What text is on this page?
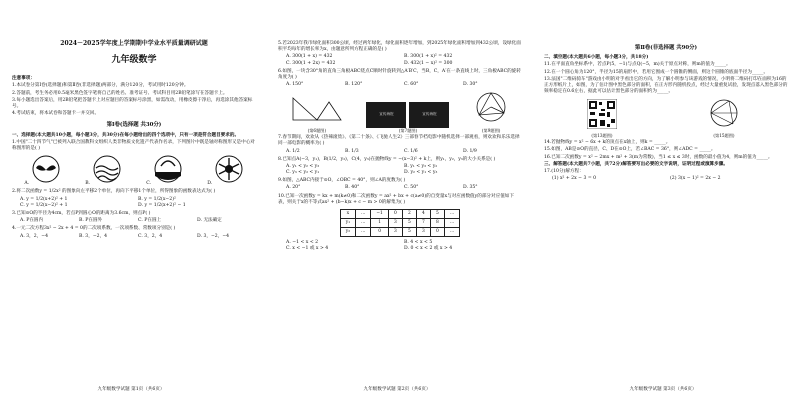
2024－2025学年度上学期期中学业水平质量调研试题
九年级数学
注意事项：
1.本试卷分第Ⅰ卷(选择题)和第Ⅱ卷(非选择题)两部分，满分120分，考试用时120分钟。
2.答题前，考生务必用0.5毫米黑色签字笔将自己的姓名、准考证号、考试科目用2B铅笔涂写在答题卡上。
3.每小题选出答案后，用2B铅笔把答题卡上对应题目的答案标号涂黑，如需改动，用橡皮擦干净后，再选涂其他答案标号。
4.考试结束，将本试卷和答题卡一并交回。
第Ⅰ卷(选择题 共30分)
一、选择题(本大题共10小题，每小题3分，共30分)在每小题给出的四个选项中，只有一项是符合题目要求的。
1.中国"二十四节气"已被列入联合国教科文组织人类非物质文化遗产代表作名录，下列图片中既是轴对称图形又是中心对称图形的是( )
A.	B.	C.	D.
2.将二次函数y = 1/2x² 的图象向左平移2个单位，再向下平移1个单位，所得图象的函数表达式为( )
A. y = 1/2(x+2)² + 1	B. y = 1/2(x−2)²
C. y = 1/2(x−2)² + 1	D. y = 1/2(x+2)² − 1
3.已知⊙O的半径为4cm，若点P到圆心O的距离为3.6cm，则点P( )
A. P在圆内	B. P在圆外	C. P在圆上	D. 无法确定
4.一元二次方程3x² − 2x + 4 = 0的二次项系数、一次项系数、常数项分别是( )
A. 3，2，−4	B. 3，−2，4	C. 3，2，4	D. 3，−2，−4
九年级数学试题 第1页（共6页）
5.若2023年我市绿化面积300公顷，经过两年绿化，绿化面积逐年增加，到2025年绿化面积增加到432公顷，设绿化面积平均每年的增长率为x，由题意所列方程正确的是( )
A. 300(1 + x) = 432	B. 300(1 + x)² = 432
C. 300(1 + 2x) = 432	D. 432(1 − x)² = 300
6.如图，一块含30°角的直角三角板ABC绕点C顺时针旋转到△A′B′C，当B，C，A′在一条直线上时，三角板ABC的旋转角度为( )
A. 150°	B. 120°	C. 60°	D. 30°
(第6题图)
宣传海报	宣传海报
(第7题图)	(第9题图)
7.春节期间，欢欢从《热辣滚烫》、《第二十条》、《飞驰人生2》三部春节档电影中随机选择一部观看，则欢欢和乐乐选择同一部电影的概率为( )
A. 1/2	B. 1/3	C. 1/6	D. 1/9
8.已知点A(−3，y₁)，B(1/2，y₂)，C(4，y₃)在抛物线y = −(x−3)² + k上，则y₁，y₂，y₃的大小关系是( )
A. y₁ < y₂ < y₃	B. y₁ < y₃ < y₂
C. y₃ < y₂ < y₁	D. y₂ < y₁ < y₃
9.如图，△ABC内接于⊙O，∠OBC = 40°，则∠A的度数为( )
A. 20°	B. 40°	C. 50°	D. 35°
10.已知一次函数y = kx + m(k≠0)和二次函数y = ax² + bx + c(a≠0)的自变量x与对应函数值y的部分对应值如下表，则关于x的不等式ax² + (b−k)x + c − m > 0的解集为( )
x	…	−1	0	2	4	5	…
y₁	…	1	3	5	7	8	…
y₂	…	0	3	5	3	0	…
A. −1 < x < 2	B. 4 < x < 5
C. x < −1 或 x > 4	D. 0 < x < 2 或 x > 4
九年级数学试题 第2页（共6页）
第Ⅱ卷(非选择题 共90分)
二、填空题(本大题共6小题，每小题3分，共18分)
11.在平面直角坐标系中，若点P(5，−1)与点Q(−5，m)关于原点对称，则m的值为_____。
12.在一个圆心角为120°，半径为15的扇形中，若用它围成一个圆锥的侧面，则这个圆锥的底面半径为_____。
13.法国"二维码骑车"游戏由小明的对手看出它的方向，为了解小明参与该游戏的情况，小明将二维码打印在面积为16的正方形纸片上，如图，为了估计图中黑色部分的面积，在正方形内随机投点，经过大量重复试验，发现点落入黑色部分的频率稳定在0.6左右，据此可以估计黑色部分的面积约为_____。
(第13题图)	(第15题图)
14.若抛物线y = x² − 6x + k的顶点在x轴上，则k = _____。
15.如图，AB是⊙O的直径，C、D在⊙O上，若∠BAC = 36°，则∠ADC = _____。
16.已知二次函数y = x² − 2mx + m² + 3(m为常数)，当1 ≤ x ≤ 3时，函数的最小值为4，则m的值为_____。
三、解答题(本大题共7小题，共72分)解答要写出必要的文字说明，证明过程或演算步骤。
17.(10分)解方程：
(1) x² + 2x − 3 = 0	(2) 3(x − 1)² = 2x − 2
九年级数学试题 第3页（共6页）
